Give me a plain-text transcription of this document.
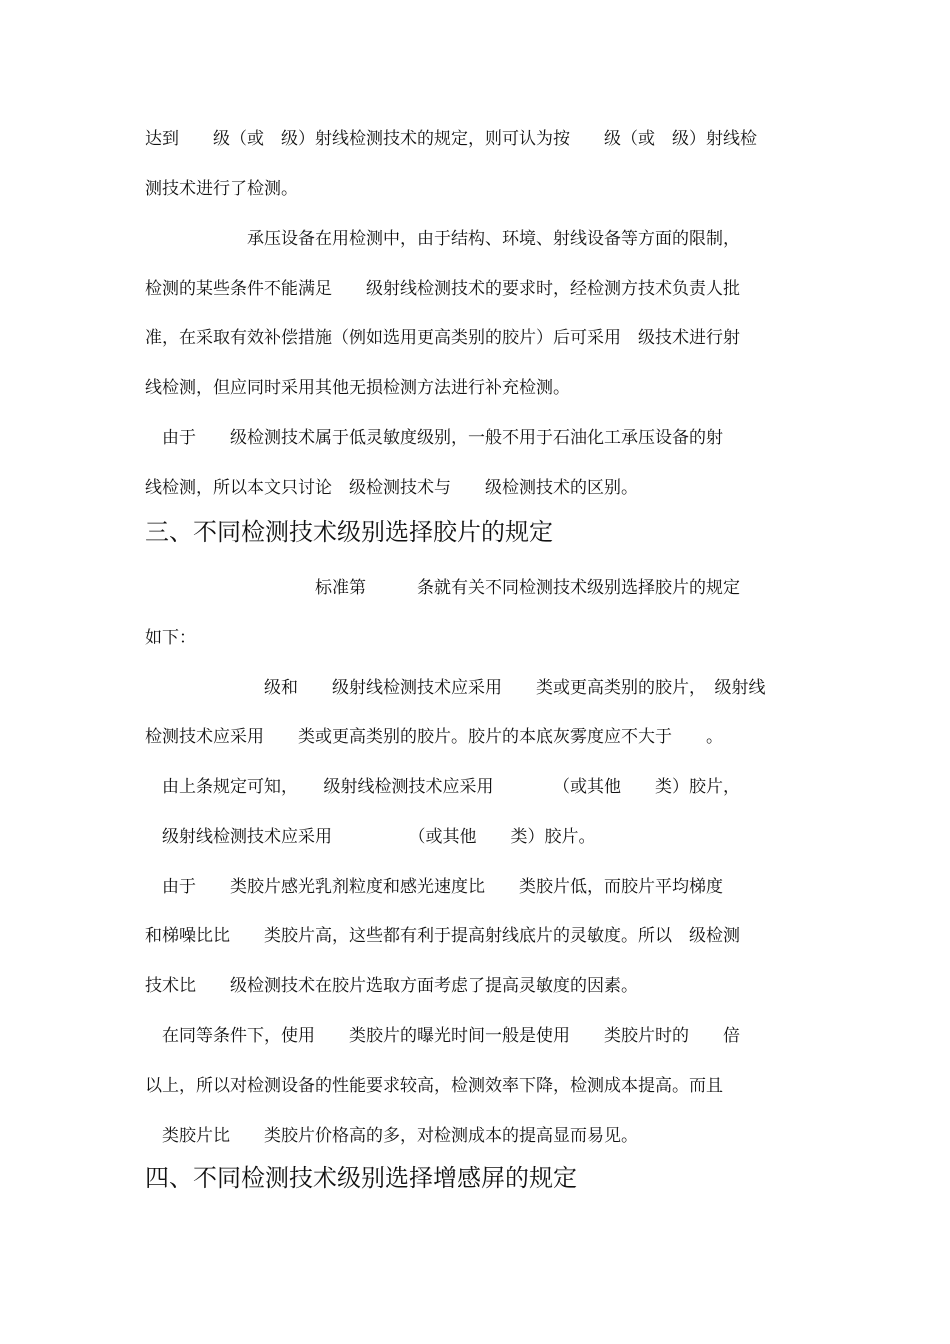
达到　　级（或　级）射线检测技术的规定，则可认为按　　级（或　级）射线检
测技术进行了检测。
　　　　　　承压设备在用检测中，由于结构、环境、射线设备等方面的限制，
检测的某些条件不能满足　　级射线检测技术的要求时，经检测方技术负责人批
准，在采取有效补偿措施（例如选用更高类别的胶片）后可采用　级技术进行射
线检测，但应同时采用其他无损检测方法进行补充检测。
　由于　　级检测技术属于低灵敏度级别，一般不用于石油化工承压设备的射
线检测，所以本文只讨论　级检测技术与　　级检测技术的区别。
三、不同检测技术级别选择胶片的规定
　　　　　　　　　　标准第　　　条就有关不同检测技术级别选择胶片的规定
如下：
　　　　　　　级和　　级射线检测技术应采用　　类或更高类别的胶片，　级射线
检测技术应采用　　类或更高类别的胶片。胶片的本底灰雾度应不大于　　。
　由上条规定可知，　　级射线检测技术应采用　　　　（或其他　　类）胶片，
　级射线检测技术应采用　　　　　（或其他　　类）胶片。
　由于　　类胶片感光乳剂粒度和感光速度比　　类胶片低，而胶片平均梯度
和梯噪比比　　类胶片高，这些都有利于提高射线底片的灵敏度。所以　级检测
技术比　　级检测技术在胶片选取方面考虑了提高灵敏度的因素。
　在同等条件下，使用　　类胶片的曝光时间一般是使用　　类胶片时的　　倍
以上，所以对检测设备的性能要求较高，检测效率下降，检测成本提高。而且
　类胶片比　　类胶片价格高的多，对检测成本的提高显而易见。
四、不同检测技术级别选择增感屏的规定
